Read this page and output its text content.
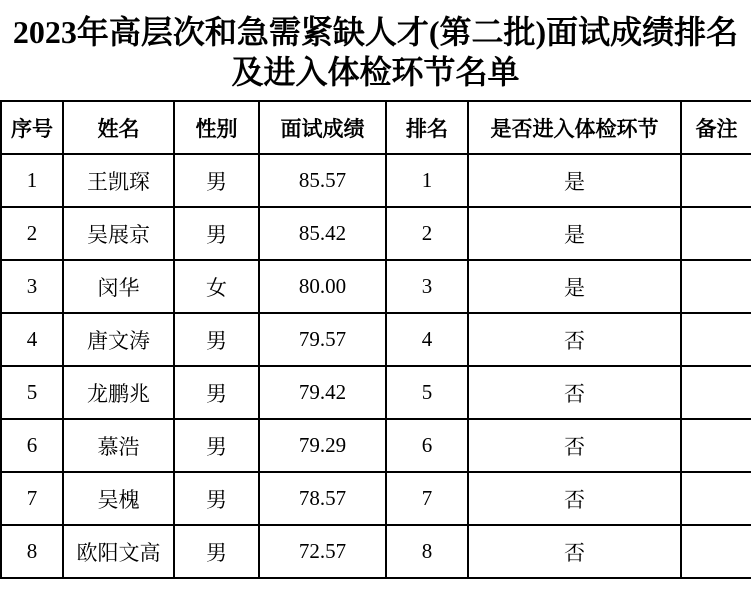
2023年高层次和急需紧缺人才(第二批)面试成绩排名及进入体检环节名单
序号	姓名	性别	面试成绩	排名	是否进入体检环节	备注
1	王凯琛	男	85.57	1	是	
2	吴展京	男	85.42	2	是	
3	闵华	女	80.00	3	是	
4	唐文涛	男	79.57	4	否	
5	龙鹏兆	男	79.42	5	否	
6	慕浩	男	79.29	6	否	
7	吴槐	男	78.57	7	否	
8	欧阳文高	男	72.57	8	否	
